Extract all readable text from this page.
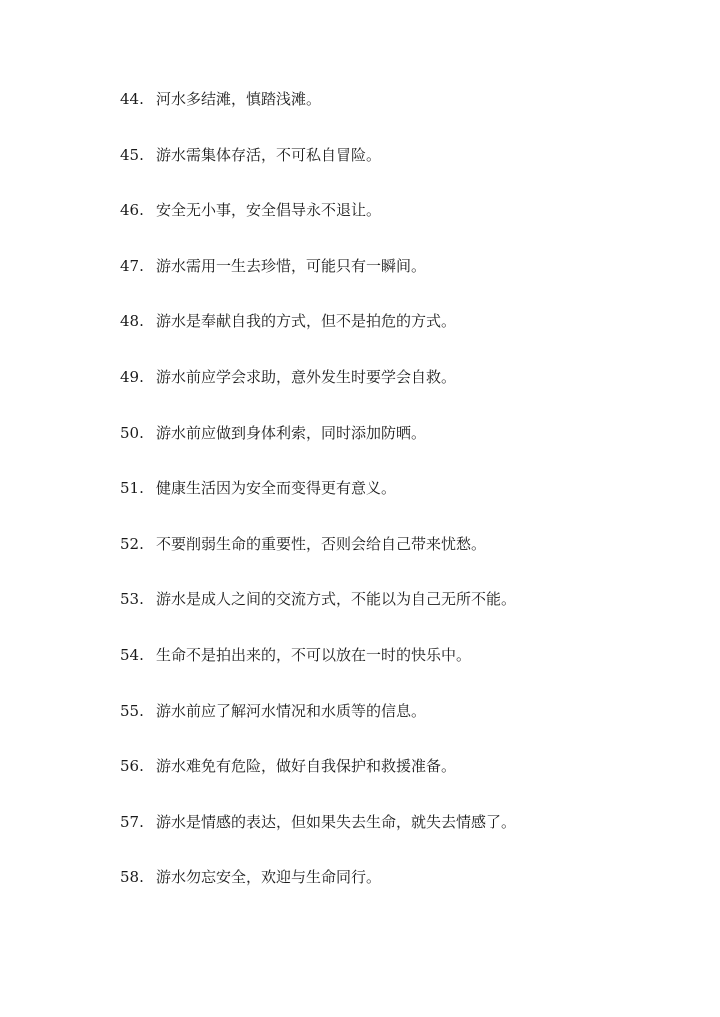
44. 河水多结滩，慎踏浅滩。
45. 游水需集体存活，不可私自冒险。
46. 安全无小事，安全倡导永不退让。
47. 游水需用一生去珍惜，可能只有一瞬间。
48. 游水是奉献自我的方式，但不是拍危的方式。
49. 游水前应学会求助，意外发生时要学会自救。
50. 游水前应做到身体利索，同时添加防晒。
51. 健康生活因为安全而变得更有意义。
52. 不要削弱生命的重要性，否则会给自己带来忧愁。
53. 游水是成人之间的交流方式，不能以为自己无所不能。
54. 生命不是拍出来的，不可以放在一时的快乐中。
55. 游水前应了解河水情况和水质等的信息。
56. 游水难免有危险，做好自我保护和救援准备。
57. 游水是情感的表达，但如果失去生命，就失去情感了。
58. 游水勿忘安全，欢迎与生命同行。
